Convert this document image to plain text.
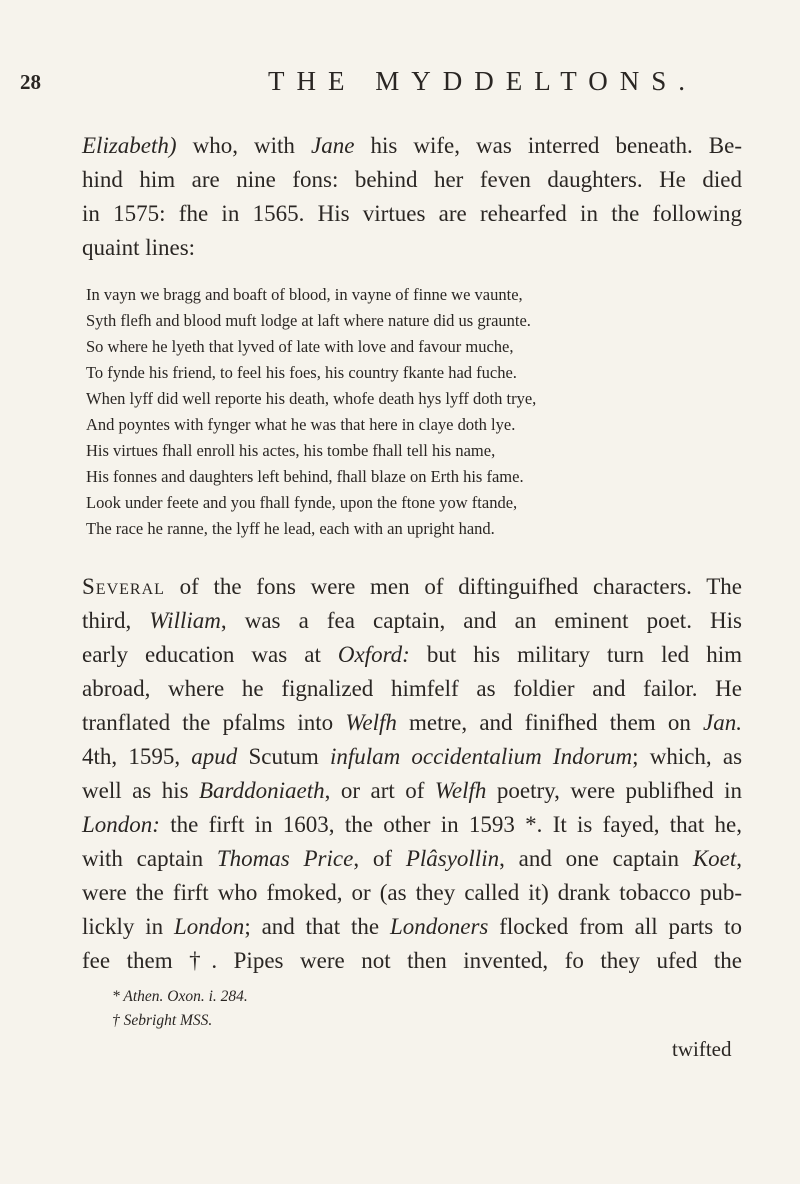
28	THE MYDDELTONS.
Elizabeth) who, with Jane his wife, was interred beneath. Be-
hind him are nine fons: behind her feven daughters. He died
in 1575: fhe in 1565. His virtues are rehearfed in the following
quaint lines:
In vayn we bragg and boaft of blood, in vayne of finne we vaunte,
Syth flefh and blood muft lodge at laft where nature did us graunte.
So where he lyeth that lyved of late with love and favour muche,
To fynde his friend, to feel his foes, his country fkante had fuche.
When lyff did well reporte his death, whofe death hys lyff doth trye,
And poyntes with fynger what he was that here in claye doth lye.
His virtues fhall enroll his actes, his tombe fhall tell his name,
His fonnes and daughters left behind, fhall blaze on Erth his fame.
Look under feete and you fhall fynde, upon the ftone yow ftande,
The race he ranne, the lyff he lead, each with an upright hand.
Several of the fons were men of diftinguifhed characters. The
third, William, was a fea captain, and an eminent poet. His
early education was at Oxford: but his military turn led him
abroad, where he fignalized himfelf as foldier and failor. He
tranflated the pfalms into Welfh metre, and finifhed them on Jan.
4th, 1595, apud Scutum infulam occidentalium Indorum; which, as
well as his Barddoniaeth, or art of Welfh poetry, were publifhed in
London: the firft in 1603, the other in 1593 *. It is fayed, that he,
with captain Thomas Price, of Plâsyollin, and one captain Koet,
were the firft who fmoked, or (as they called it) drank tobacco pub-
lickly in London; and that the Londoners flocked from all parts to
fee them †. Pipes were not then invented, fo they ufed the
* Athen. Oxon. i. 284.
† Sebright MSS.
twifted
